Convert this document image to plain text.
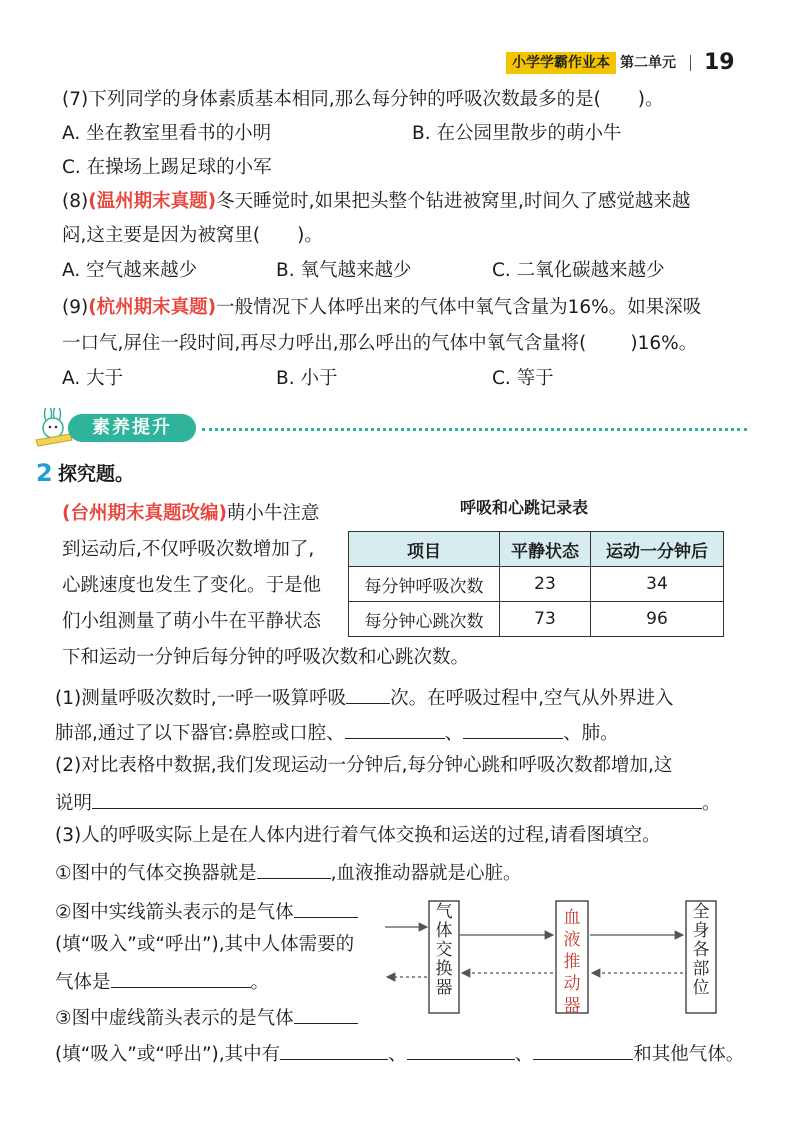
小学学霸作业本 第二单元 19
(7)下列同学的身体素质基本相同,那么每分钟的呼吸次数最多的是(　　)。
A. 坐在教室里看书的小明	B. 在公园里散步的萌小牛
C. 在操场上踢足球的小军
(8)(温州期末真题)冬天睡觉时,如果把头整个钻进被窝里,时间久了感觉越来越
闷,这主要是因为被窝里(　　)。
A. 空气越来越少	B. 氧气越来越少	C. 二氧化碳越来越少
(9)(杭州期末真题)一般情况下人体呼出来的气体中氧气含量为16%。如果深吸
一口气,屏住一段时间,再尽力呼出,那么呼出的气体中氧气含量将( )16%。
A. 大于	B. 小于	C. 等于
素养提升
2 探究题。
(台州期末真题改编)萌小牛注意
到运动后,不仅呼吸次数增加了,
心跳速度也发生了变化。于是他
们小组测量了萌小牛在平静状态
下和运动一分钟后每分钟的呼吸次数和心跳次数。
呼吸和心跳记录表
项目	平静状态	运动一分钟后
每分钟呼吸次数	23	34
每分钟心跳次数	73	96
(1)测量呼吸次数时,一呼一吸算呼吸 次。在呼吸过程中,空气从外界进入
肺部,通过了以下器官:鼻腔或口腔、	、	、肺。
(2)对比表格中数据,我们发现运动一分钟后,每分钟心跳和呼吸次数都增加,这
说明	。
(3)人的呼吸实际上是在人体内进行着气体交换和运送的过程,请看图填空。
①图中的气体交换器就是	,血液推动器就是心脏。
②图中实线箭头表示的是气体
(填“吸入”或“呼出”),其中人体需要的
气体是	。
③图中虚线箭头表示的是气体
(填“吸入”或“呼出”),其中有	、	、	和其他气体。
气体交换器
血液推动器
全身各部位
